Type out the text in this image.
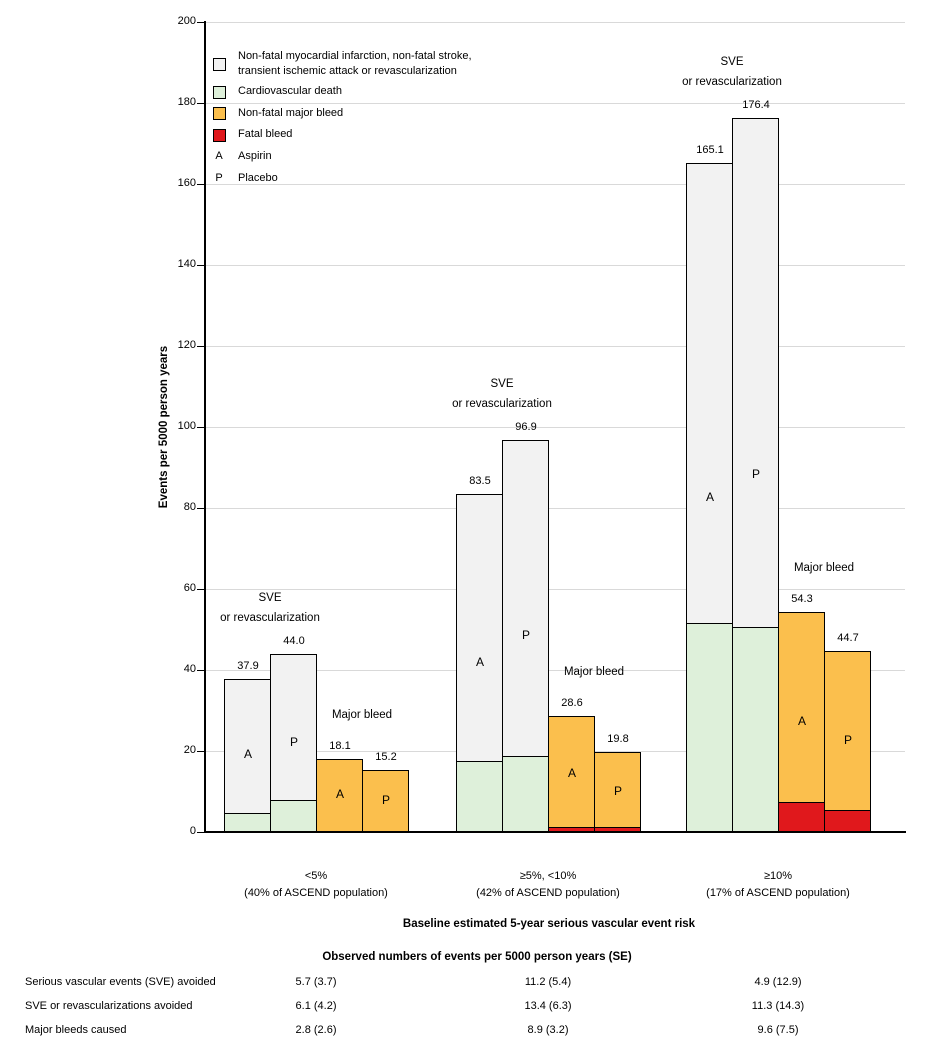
0
20
40
60
80
100
120
140
160
180
200
A
37.9
P
44.0
A
18.1
P
15.2
SVE
or revascularization
Major bleed
<5%
(40% of ASCEND population)
A
83.5
P
96.9
A
28.6
P
19.8
SVE
or revascularization
Major bleed
≥5%, <10%
(42% of ASCEND population)
A
165.1
P
176.4
A
54.3
P
44.7
SVE
or revascularization
Major bleed
≥10%
(17% of ASCEND population)
Non-fatal myocardial infarction, non-fatal stroke,
transient ischemic attack or revascularization
Cardiovascular death
Non-fatal major bleed
Fatal bleed
A	Aspirin
P	Placebo
Events per 5000 person years
Baseline estimated 5-year serious vascular event risk
Observed numbers of events per 5000 person years (SE)
Serious vascular events (SVE) avoided	5.7 (3.7)	11.2 (5.4)	4.9 (12.9)
SVE or revascularizations avoided	6.1 (4.2)	13.4 (6.3)	11.3 (14.3)
Major bleeds caused	2.8 (2.6)	8.9 (3.2)	9.6 (7.5)
